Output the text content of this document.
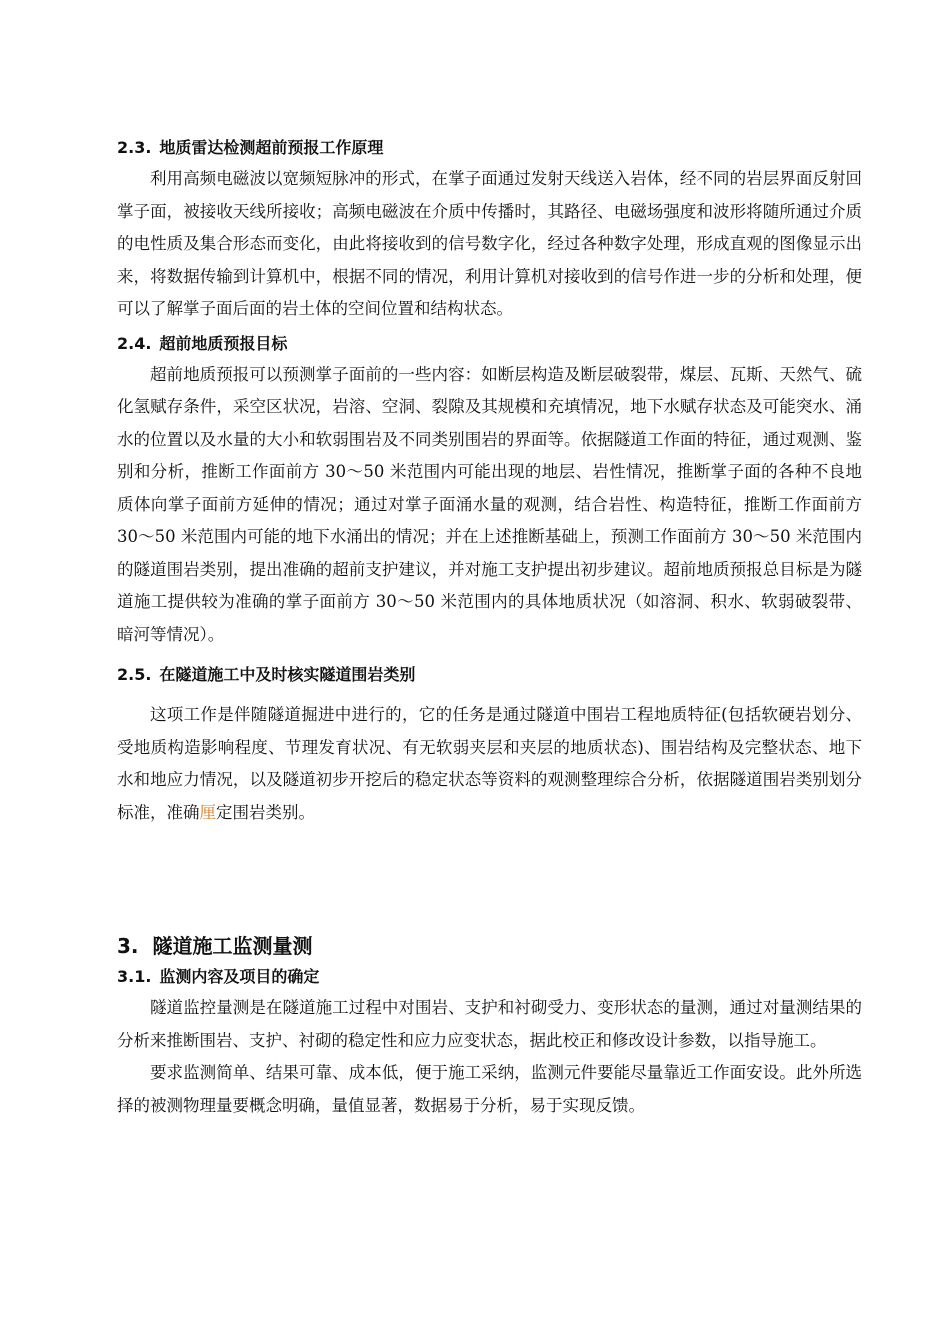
2.3. 地质雷达检测超前预报工作原理

利用高频电磁波以宽频短脉冲的形式，在掌子面通过发射天线送入岩体，经不同的岩层界面反射回掌子面，被接收天线所接收；高频电磁波在介质中传播时，其路径、电磁场强度和波形将随所通过介质的电性质及集合形态而变化，由此将接收到的信号数字化，经过各种数字处理，形成直观的图像显示出来，将数据传输到计算机中，根据不同的情况，利用计算机对接收到的信号作进一步的分析和处理，便可以了解掌子面后面的岩土体的空间位置和结构状态。

2.4. 超前地质预报目标

超前地质预报可以预测掌子面前的一些内容：如断层构造及断层破裂带，煤层、瓦斯、天然气、硫化氢赋存条件，采空区状况，岩溶、空洞、裂隙及其规模和充填情况，地下水赋存状态及可能突水、涌水的位置以及水量的大小和软弱围岩及不同类别围岩的界面等。依据隧道工作面的特征，通过观测、鉴别和分析，推断工作面前方 30～50 米范围内可能出现的地层、岩性情况，推断掌子面的各种不良地质体向掌子面前方延伸的情况；通过对掌子面涌水量的观测，结合岩性、构造特征，推断工作面前方 30～50 米范围内可能的地下水涌出的情况；并在上述推断基础上，预测工作面前方 30～50 米范围内的隧道围岩类别，提出准确的超前支护建议，并对施工支护提出初步建议。超前地质预报总目标是为隧道施工提供较为准确的掌子面前方 30～50 米范围内的具体地质状况（如溶洞、积水、软弱破裂带、暗河等情况）。

2.5. 在隧道施工中及时核实隧道围岩类别

这项工作是伴随隧道掘进中进行的，它的任务是通过隧道中围岩工程地质特征(包括软硬岩划分、受地质构造影响程度、节理发育状况、有无软弱夹层和夹层的地质状态)、围岩结构及完整状态、地下水和地应力情况，以及隧道初步开挖后的稳定状态等资料的观测整理综合分析，依据隧道围岩类别划分标准，准确厘定围岩类别。

3. 隧道施工监测量测
3.1. 监测内容及项目的确定

隧道监控量测是在隧道施工过程中对围岩、支护和衬砌受力、变形状态的量测，通过对量测结果的分析来推断围岩、支护、衬砌的稳定性和应力应变状态，据此校正和修改设计参数，以指导施工。

要求监测简单、结果可靠、成本低，便于施工采纳，监测元件要能尽量靠近工作面安设。此外所选择的被测物理量要概念明确，量值显著，数据易于分析，易于实现反馈。
